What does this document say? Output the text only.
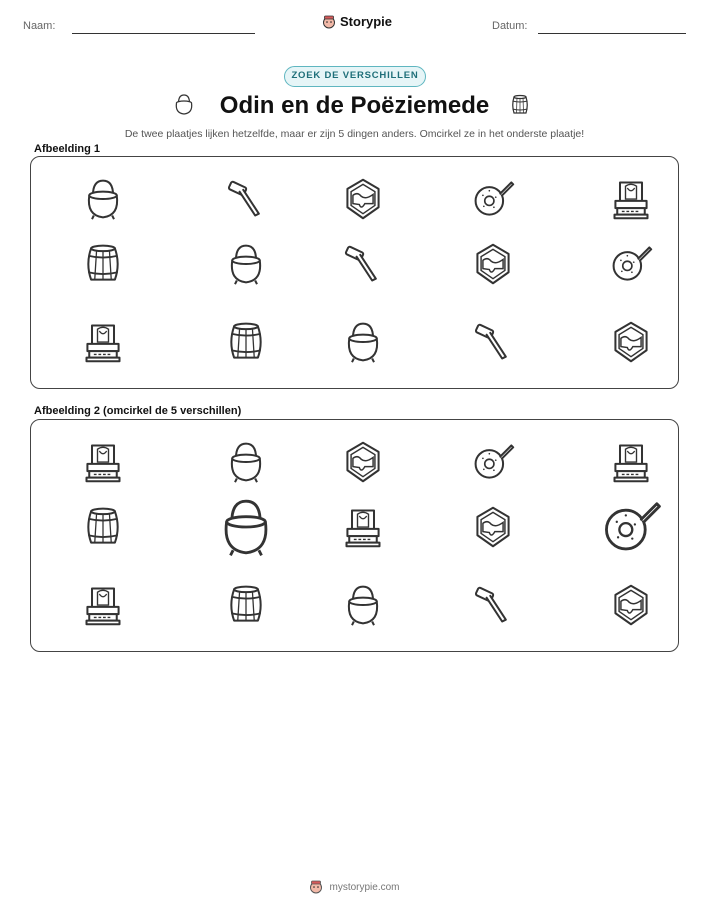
Naam:	Storypie	Datum:
ZOEK DE VERSCHILLEN
Odin en de Poëziemede
De twee plaatjes lijken hetzelfde, maar er zijn 5 dingen anders. Omcirkel ze in het onderste plaatje!
Afbeelding 1
Afbeelding 2 (omcirkel de 5 verschillen)
mystorypie.com
